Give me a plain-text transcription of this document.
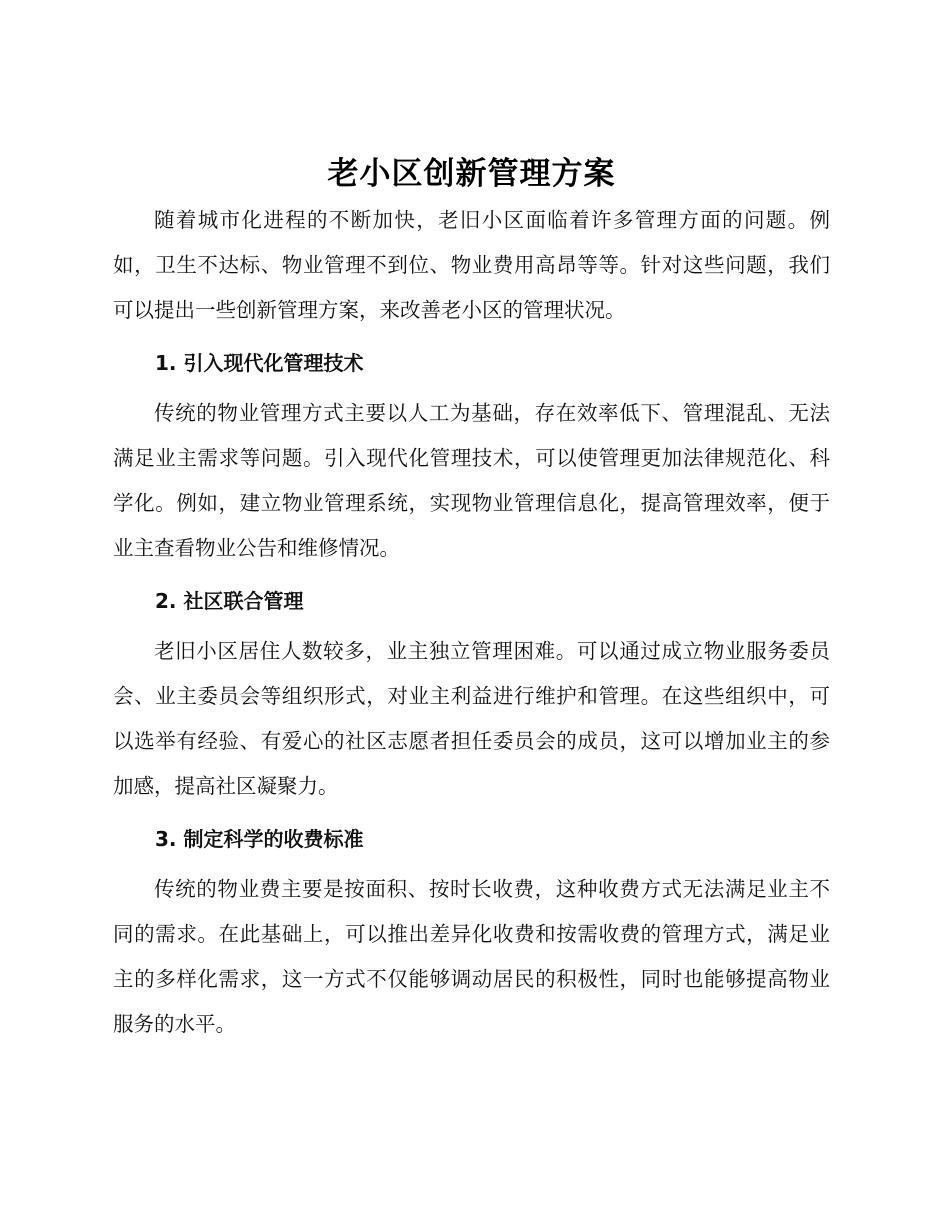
老小区创新管理方案

随着城市化进程的不断加快，老旧小区面临着许多管理方面的问题。例如，卫生不达标、物业管理不到位、物业费用高昂等等。针对这些问题，我们可以提出一些创新管理方案，来改善老小区的管理状况。

1. 引入现代化管理技术

传统的物业管理方式主要以人工为基础，存在效率低下、管理混乱、无法满足业主需求等问题。引入现代化管理技术，可以使管理更加法律规范化、科学化。例如，建立物业管理系统，实现物业管理信息化，提高管理效率，便于业主查看物业公告和维修情况。

2. 社区联合管理

老旧小区居住人数较多，业主独立管理困难。可以通过成立物业服务委员会、业主委员会等组织形式，对业主利益进行维护和管理。在这些组织中，可以选举有经验、有爱心的社区志愿者担任委员会的成员，这可以增加业主的参加感，提高社区凝聚力。

3. 制定科学的收费标准

传统的物业费主要是按面积、按时长收费，这种收费方式无法满足业主不同的需求。在此基础上，可以推出差异化收费和按需收费的管理方式，满足业主的多样化需求，这一方式不仅能够调动居民的积极性，同时也能够提高物业服务的水平。
